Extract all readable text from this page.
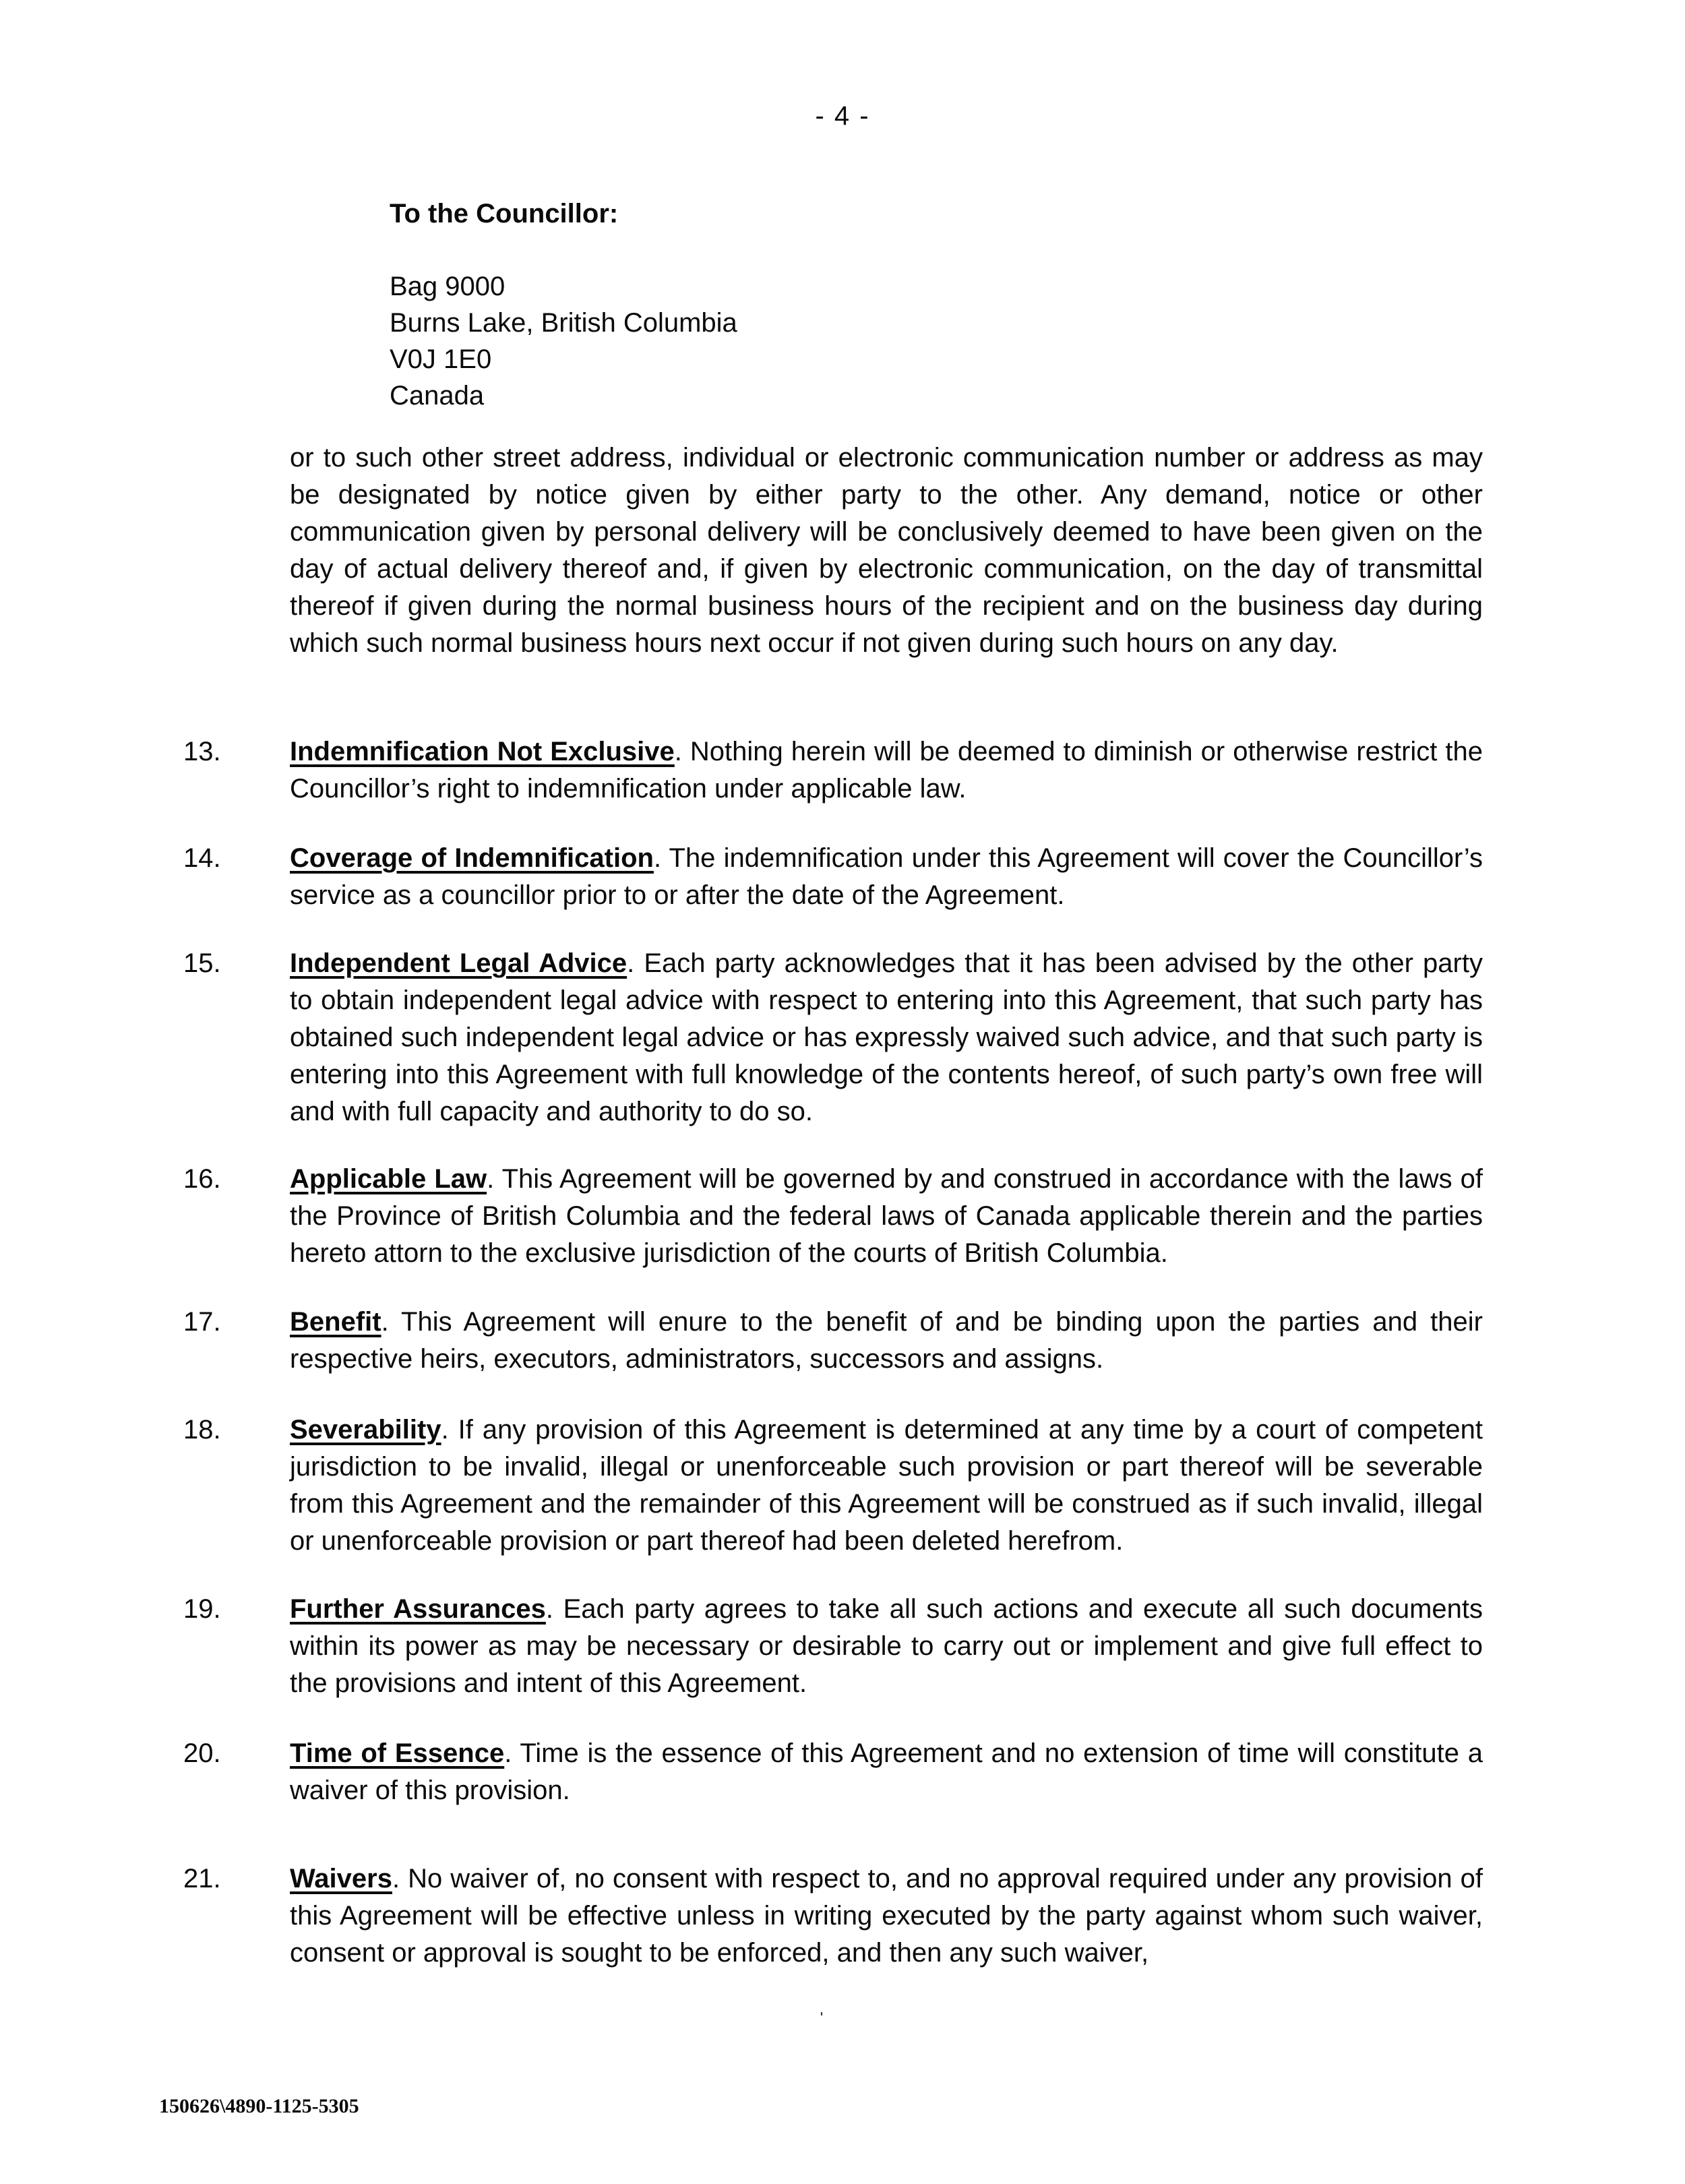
- 4 -
To the Councillor:
Bag 9000
Burns Lake, British Columbia
V0J 1E0
Canada
or to such other street address, individual or electronic communication number or address as may be designated by notice given by either party to the other. Any demand, notice or other communication given by personal delivery will be conclusively deemed to have been given on the day of actual delivery thereof and, if given by electronic communication, on the day of transmittal thereof if given during the normal business hours of the recipient and on the business day during which such normal business hours next occur if not given during such hours on any day.
13.	Indemnification Not Exclusive. Nothing herein will be deemed to diminish or otherwise restrict the Councillor’s right to indemnification under applicable law.
14.	Coverage of Indemnification. The indemnification under this Agreement will cover the Councillor’s service as a councillor prior to or after the date of the Agreement.
15.	Independent Legal Advice. Each party acknowledges that it has been advised by the other party to obtain independent legal advice with respect to entering into this Agreement, that such party has obtained such independent legal advice or has expressly waived such advice, and that such party is entering into this Agreement with full knowledge of the contents hereof, of such party’s own free will and with full capacity and authority to do so.
16.	Applicable Law. This Agreement will be governed by and construed in accordance with the laws of the Province of British Columbia and the federal laws of Canada applicable therein and the parties hereto attorn to the exclusive jurisdiction of the courts of British Columbia.
17.	Benefit. This Agreement will enure to the benefit of and be binding upon the parties and their respective heirs, executors, administrators, successors and assigns.
18.	Severability. If any provision of this Agreement is determined at any time by a court of competent jurisdiction to be invalid, illegal or unenforceable such provision or part thereof will be severable from this Agreement and the remainder of this Agreement will be construed as if such invalid, illegal or unenforceable provision or part thereof had been deleted herefrom.
19.	Further Assurances. Each party agrees to take all such actions and execute all such documents within its power as may be necessary or desirable to carry out or implement and give full effect to the provisions and intent of this Agreement.
20.	Time of Essence. Time is the essence of this Agreement and no extension of time will constitute a waiver of this provision.
21.	Waivers. No waiver of, no consent with respect to, and no approval required under any provision of this Agreement will be effective unless in writing executed by the party against whom such waiver, consent or approval is sought to be enforced, and then any such waiver,
150626\4890-1125-5305
